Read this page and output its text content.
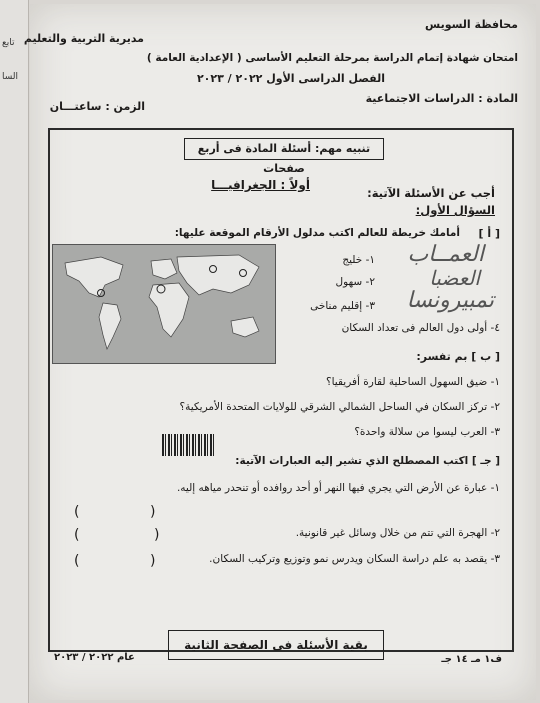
تابع
السا
محافظة السويس
مديرية التربية والتعليم
امتحان شهادة إتمام الدراسة بمرحلة التعليم الأساسى ( الإعدادية العامة )
الفصل الدراسى الأول ٢٠٢٢ / ٢٠٢٣
المادة : الدراسات الاجتماعية
الزمن : ساعتـــان
تنبيه مهم: أسئلة المادة فى أربع صفحات
أولاً : الجغرافيـــا
أجب عن الأسئلة الآتية:
السؤال الأول:
[ أ ]
أمامك خريطة للعالم اكتب مدلول الأرقام الموقعة عليها:
١- خليج العمــاب
٢- سهول	العضبا
٣- إقليم مناخى تمبيرونسا
٤- أولى دول العالم فى تعداد السكان
[ ب ] بم تفسر:
١- ضيق السهول الساحلية لقارة أفريقيا؟
٢- تركز السكان في الساحل الشمالي الشرقي للولايات المتحدة الأمريكية؟
٣- العرب ليسوا من سلالة واحدة؟
[ جـ ] اكتب المصطلح الذي تشير إليه العبارات الآتية:
١- عبارة عن الأرض التي يجري فيها النهر أو أحد روافده أو تنحدر مياهه إليه.
(	)
٢- الهجرة التي تتم من خلال وسائل غير قانونية.
(	)
٣- يقصد به علم دراسة السكان ويدرس نمو وتوزيع وتركيب السكان.
(	)
بقية الأسئلة فى الصفحة الثانية
عام ٢٠٢٢ / ٢٠٢٣	ف١ مـ ١٤ جـ
